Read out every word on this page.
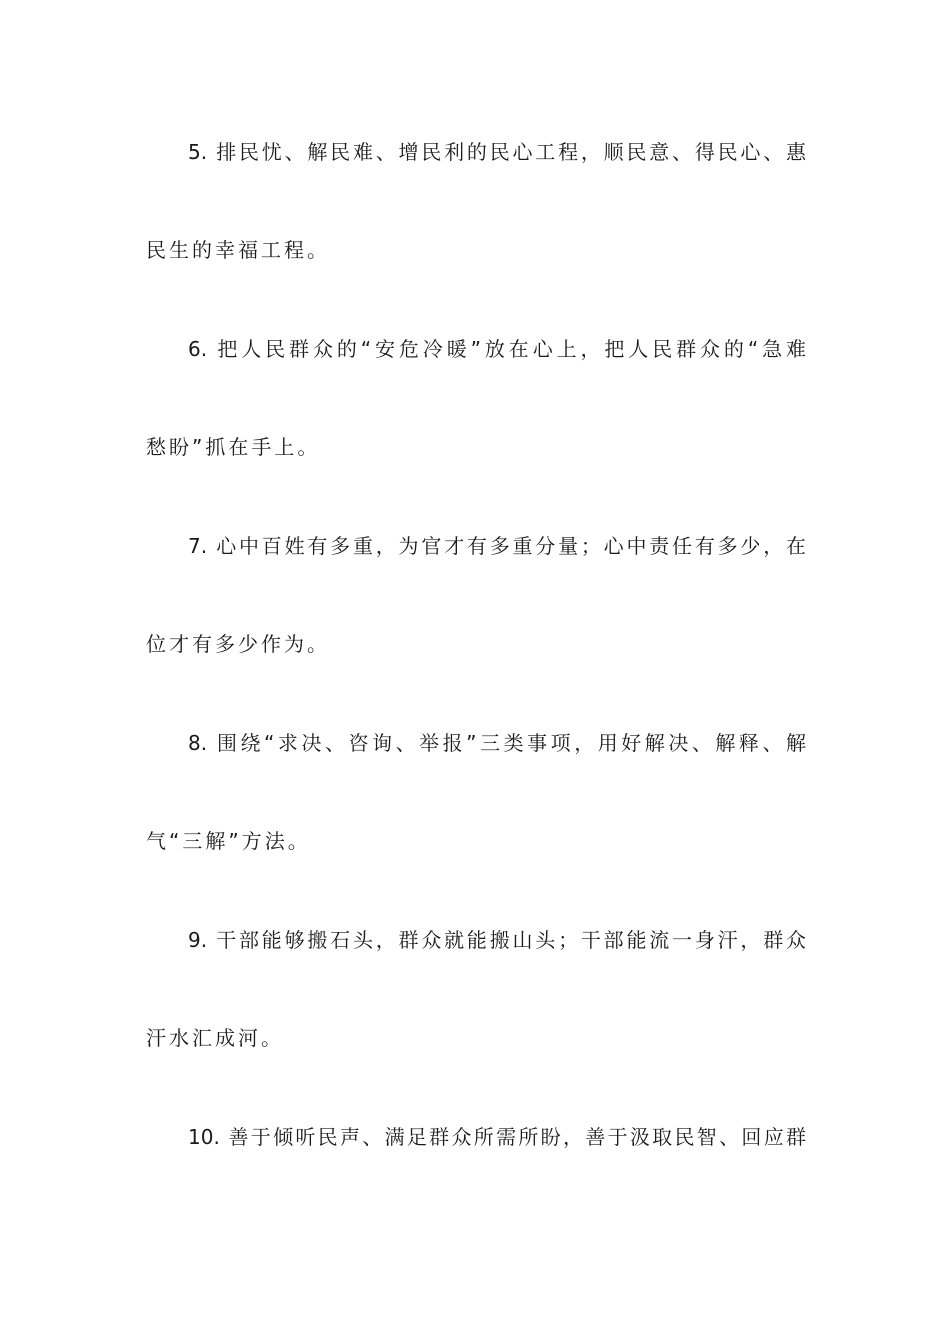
5. 排民忧、解民难、增民利的民心工程，顺民意、得民心、惠
民生的幸福工程。
6. 把人民群众的“安危冷暖”放在心上，把人民群众的“急难
愁盼”抓在手上。
7. 心中百姓有多重，为官才有多重分量；心中责任有多少，在
位才有多少作为。
8. 围绕“求决、咨询、举报”三类事项，用好解决、解释、解
气“三解”方法。
9. 干部能够搬石头，群众就能搬山头；干部能流一身汗，群众
汗水汇成河。
10. 善于倾听民声、满足群众所需所盼，善于汲取民智、回应群
